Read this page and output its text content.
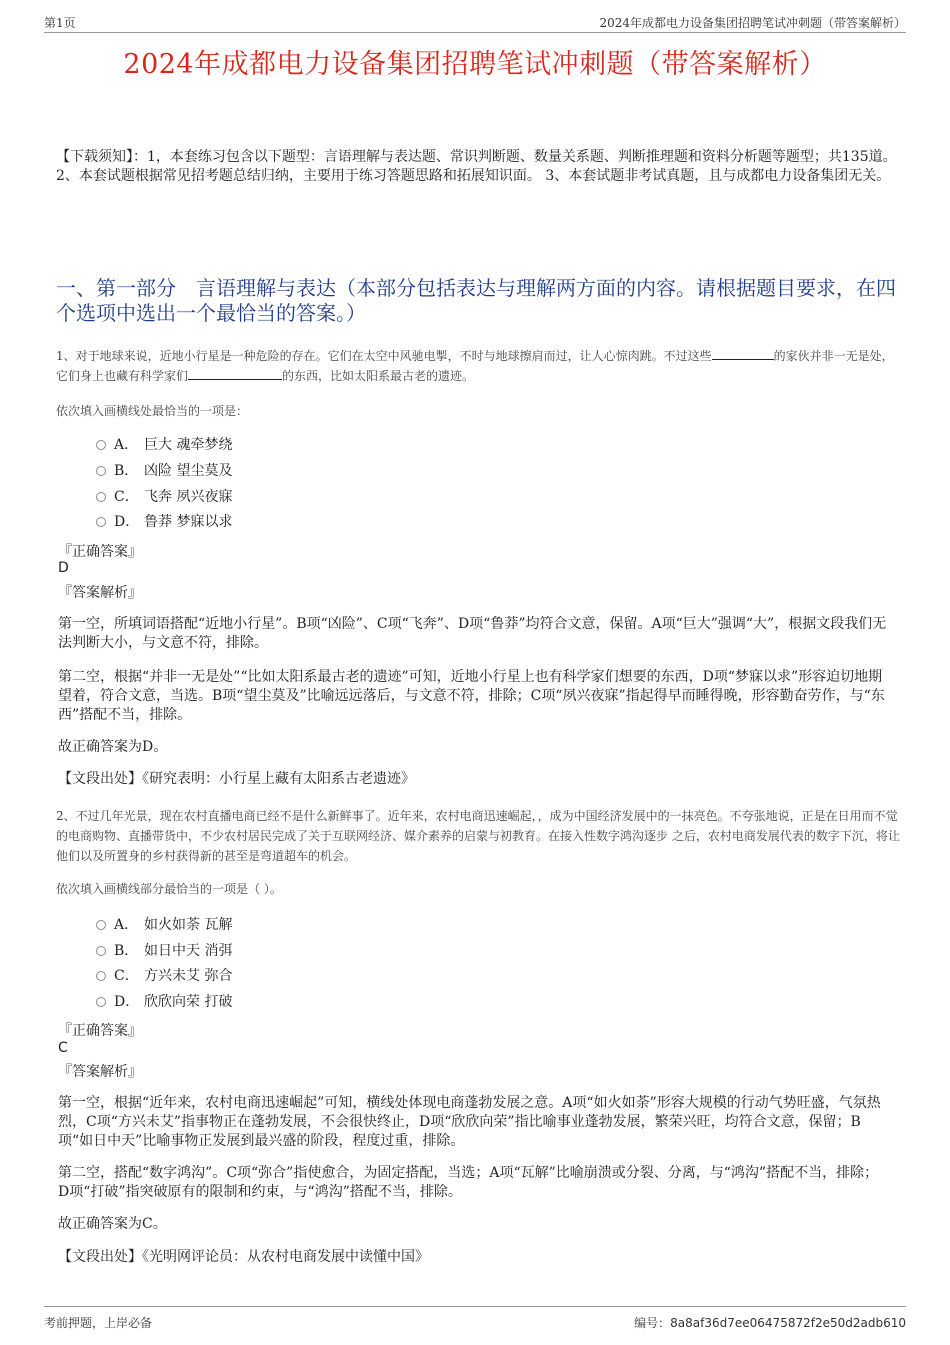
第1页	2024年成都电力设备集团招聘笔试冲刺题（带答案解析）
2024年成都电力设备集团招聘笔试冲刺题（带答案解析）
【下载须知】：1，本套练习包含以下题型：言语理解与表达题、常识判断题、数量关系题、判断推理题和资料分析题等题型；共135道。 2、本套试题根据常见招考题总结归纳，主要用于练习答题思路和拓展知识面。 3、本套试题非考试真题，且与成都电力设备集团无关。
一、第一部分　言语理解与表达（本部分包括表达与理解两方面的内容。请根据题目要求，在四个选项中选出一个最恰当的答案。）
1、对于地球来说，近地小行星是一种危险的存在。它们在太空中风驰电掣，不时与地球擦肩而过，让人心惊肉跳。不过这些	的家伙并非一无是处，它们身上也藏有科学家们	的东西，比如太阳系最古老的遗迹。
依次填入画横线处最恰当的一项是：
A． 巨大 魂牵梦绕
B． 凶险 望尘莫及
C． 飞奔 夙兴夜寐
D． 鲁莽 梦寐以求
『正确答案』
D
『答案解析』
第一空，所填词语搭配“近地小行星”。B项“凶险”、C项“飞奔”、D项“鲁莽”均符合文意，保留。A项“巨大”强调“大”，根据文段我们无法判断大小，与文意不符，排除。
第二空，根据“并非一无是处”“比如太阳系最古老的遗迹”可知，近地小行星上也有科学家们想要的东西，D项“梦寐以求”形容迫切地期望着，符合文意，当选。B项“望尘莫及”比喻远远落后，与文意不符，排除；C项“夙兴夜寐”指起得早而睡得晚，形容勤奋劳作，与“东西”搭配不当，排除。
故正确答案为D。
【文段出处】《研究表明：小行星上藏有太阳系古老遗迹》
2、不过几年光景，现在农村直播电商已经不是什么新鲜事了。近年来，农村电商迅速崛起，，成为中国经济发展中的一抹亮色。不夸张地说，正是在日用而不觉的电商购物、直播带货中，不少农村居民完成了关于互联网经济、媒介素养的启蒙与初教育。在接入性数字鸿沟逐步 之后，农村电商发展代表的数字下沉，将让他们以及所置身的乡村获得新的甚至是弯道超车的机会。
依次填入画横线部分最恰当的一项是（ ）。
A． 如火如荼 瓦解
B． 如日中天 消弭
C． 方兴未艾 弥合
D． 欣欣向荣 打破
『正确答案』
C
『答案解析』
第一空，根据“近年来，农村电商迅速崛起”可知，横线处体现电商蓬勃发展之意。A项“如火如荼”形容大规模的行动气势旺盛，气氛热烈，C项“方兴未艾”指事物正在蓬勃发展，不会很快终止，D项“欣欣向荣”指比喻事业蓬勃发展，繁荣兴旺，均符合文意，保留；B项“如日中天”比喻事物正发展到最兴盛的阶段，程度过重，排除。
第二空，搭配“数字鸿沟”。C项“弥合”指使愈合，为固定搭配，当选；A项“瓦解”比喻崩溃或分裂、分离，与“鸿沟”搭配不当，排除；D项“打破”指突破原有的限制和约束，与“鸿沟”搭配不当，排除。
故正确答案为C。
【文段出处】《光明网评论员：从农村电商发展中读懂中国》
考前押题，上岸必备	编号：8a8af36d7ee06475872f2e50d2adb610
